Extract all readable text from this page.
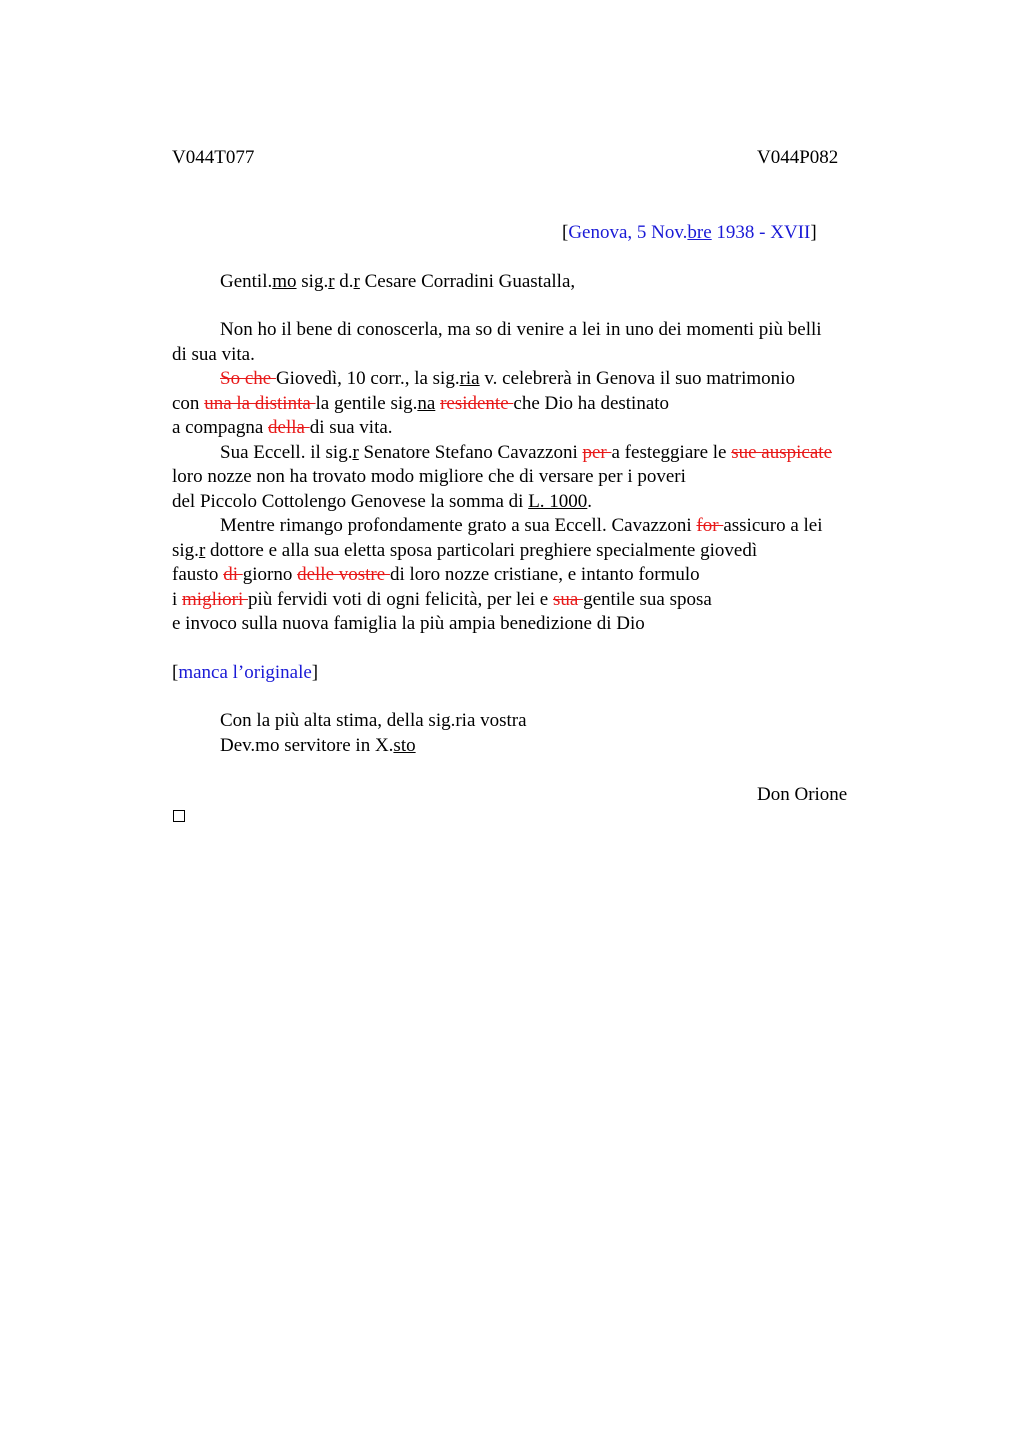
V044T077	V044P082
[Genova, 5 Nov.bre 1938 - XVII]
Gentil.mo sig.r d.r Cesare Corradini Guastalla,
Non ho il bene di conoscerla, ma so di venire a lei in uno dei momenti più belli
di sua vita.
So che Giovedì, 10 corr., la sig.ria v. celebrerà in Genova il suo matrimonio
con una la distinta la gentile sig.na residente che Dio ha destinato
a compagna della di sua vita.
Sua Eccell. il sig.r Senatore Stefano Cavazzoni per a festeggiare le sue auspicate
loro nozze non ha trovato modo migliore che di versare per i poveri
del Piccolo Cottolengo Genovese la somma di L. 1000.
Mentre rimango profondamente grato a sua Eccell. Cavazzoni for assicuro a lei
sig.r dottore e alla sua eletta sposa particolari preghiere specialmente giovedì
fausto di giorno delle vostre di loro nozze cristiane, e intanto formulo
i migliori più fervidi voti di ogni felicità, per lei e sua gentile sua sposa
e invoco sulla nuova famiglia la più ampia benedizione di Dio
[manca l’originale]
Con la più alta stima, della sig.ria vostra
Dev.mo servitore in X.sto
Don Orione
